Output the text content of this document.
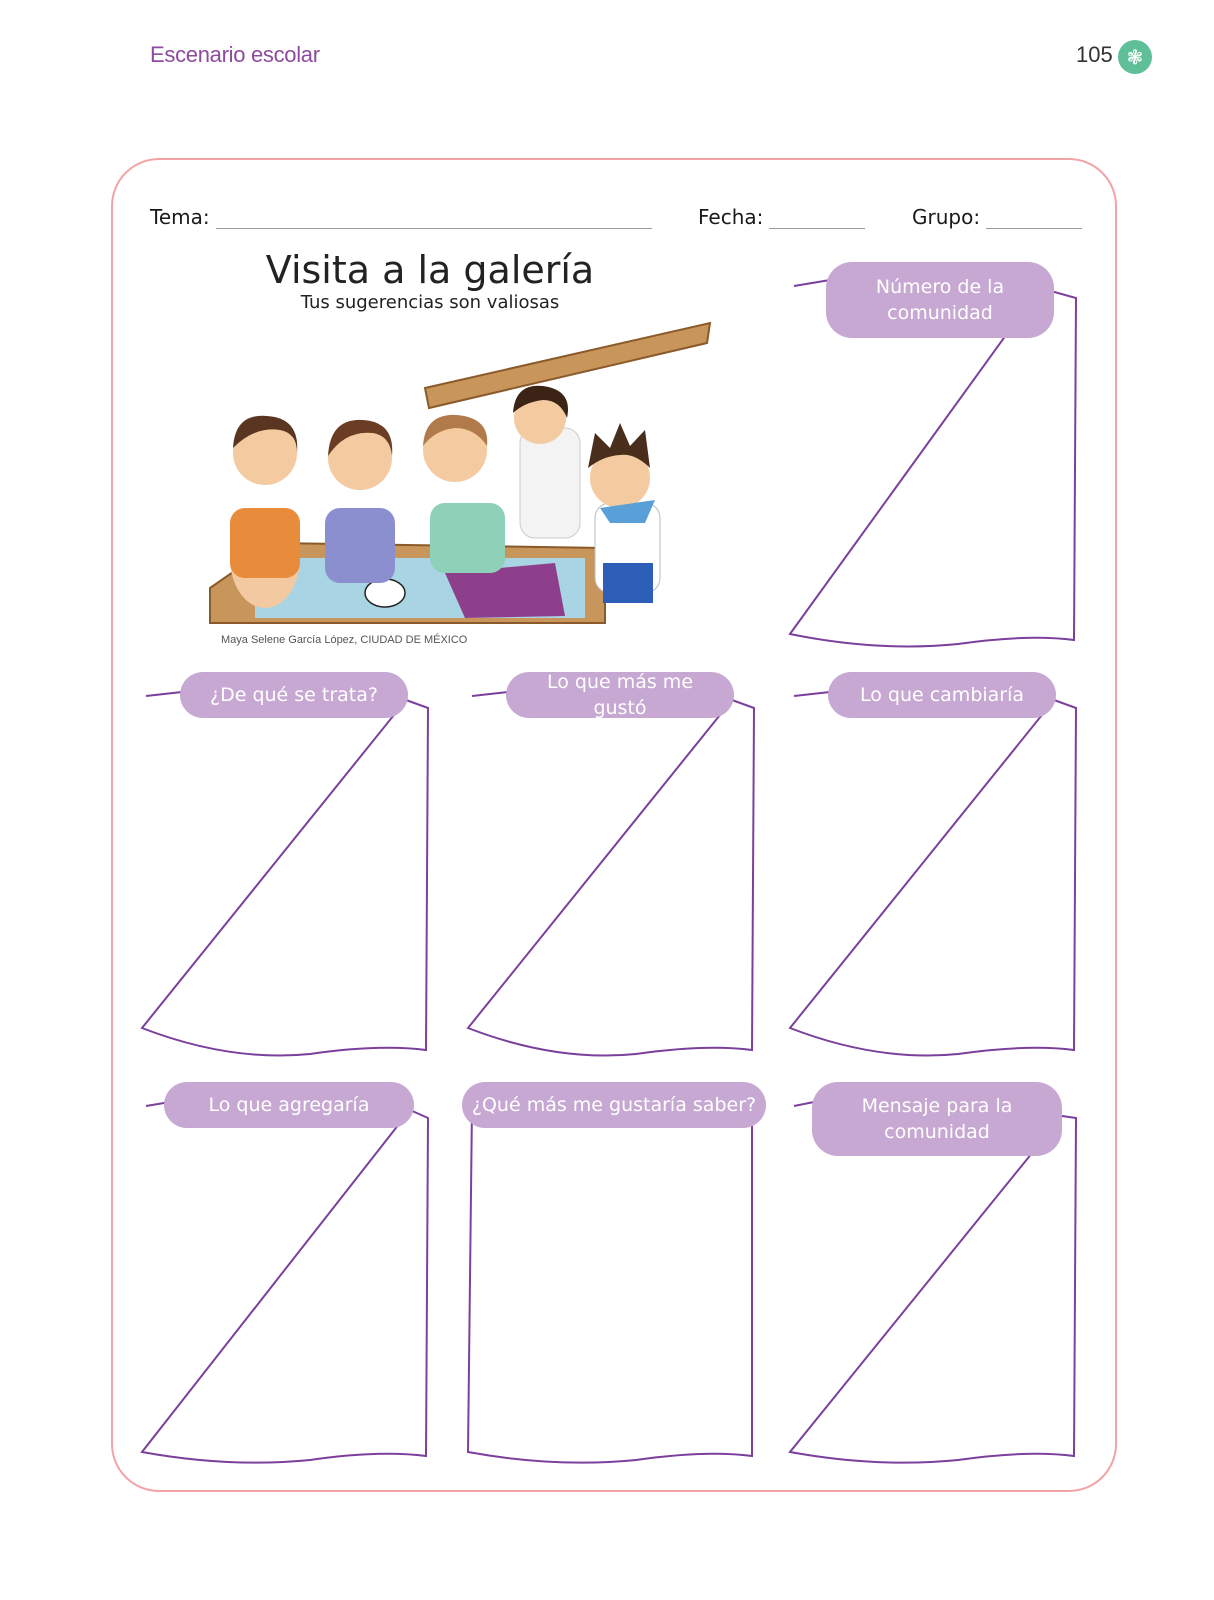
Escenario escolar	105 ❃
Tema:	Fecha:	Grupo:
Visita a la galería
Tus sugerencias son valiosas
Maya Selene García López, CIUDAD DE MÉXICO
Número de la
comunidad
¿De qué se trata?
Lo que más me gustó
Lo que cambiaría
Lo que agregaría	¿Qué más me gustaría saber?	Mensaje para la
comunidad
